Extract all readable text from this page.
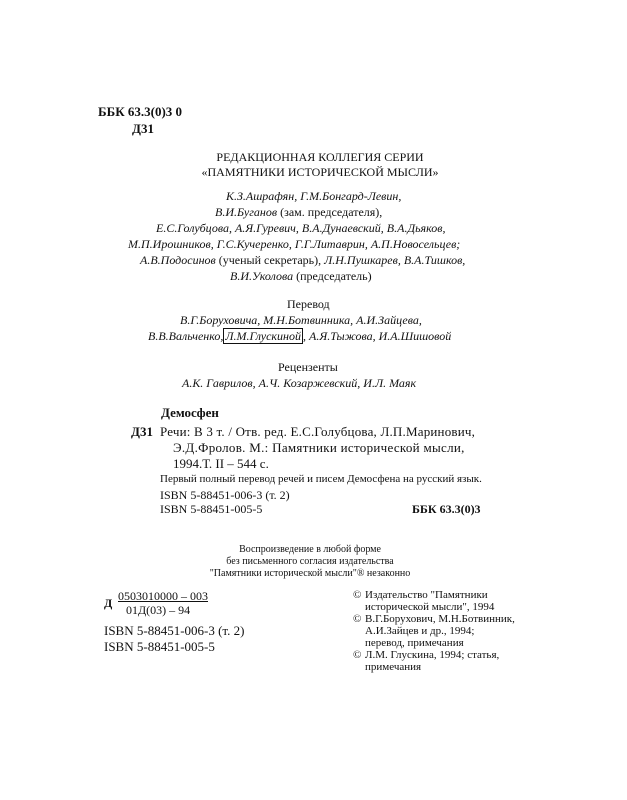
ББК 63.3(0)3 0
Д31
РЕДАКЦИОННАЯ КОЛЛЕГИЯ СЕРИИ
«ПАМЯТНИКИ ИСТОРИЧЕСКОЙ МЫСЛИ»
К.З.Ашрафян, Г.М.Бонгард-Левин,
В.И.Буганов (зам. председателя),
Е.С.Голубцова, А.Я.Гуревич, В.А.Дунаевский, В.А.Дьяков,
М.П.Ирошников, Г.С.Кучеренко, Г.Г.Литаврин, А.П.Новосельцев;
А.В.Подосинов (ученый секретарь), Л.Н.Пушкарев, В.А.Тишков,
В.И.Уколова (председатель)
Перевод
В.Г.Боруховича, М.Н.Ботвинника, А.И.Зайцева,
В.В.Вальченко, Л.М.Глускиной , А.Я.Тыжова, И.А.Шишовой
Рецензенты
А.К. Гаврилов, А.Ч. Козаржевский, И.Л. Маяк
Демосфен
Д31 Речи: В 3 т. / Отв. ред. Е.С.Голубцова, Л.П.Маринович,
Э.Д.Фролов. М.: Памятники исторической мысли,
1994.Т. II – 544 с.
Первый полный перевод речей и писем Демосфена на русский язык.
ISBN 5-88451-006-3 (т. 2)
ISBN 5-88451-005-5	ББК 63.3(0)3
Воспроизведение в любой форме
без письменного согласия издательства
"Памятники исторической мысли"® незаконно
Д 0503010000 – 003
01Д(03) – 94
ISBN 5-88451-006-3 (т. 2)
ISBN 5-88451-005-5
© Издательство "Памятники
исторической мысли", 1994
© В.Г.Борухович, М.Н.Ботвинник,
А.И.Зайцев и др., 1994;
перевод, примечания
© Л.М. Глускина, 1994; статья,
примечания
